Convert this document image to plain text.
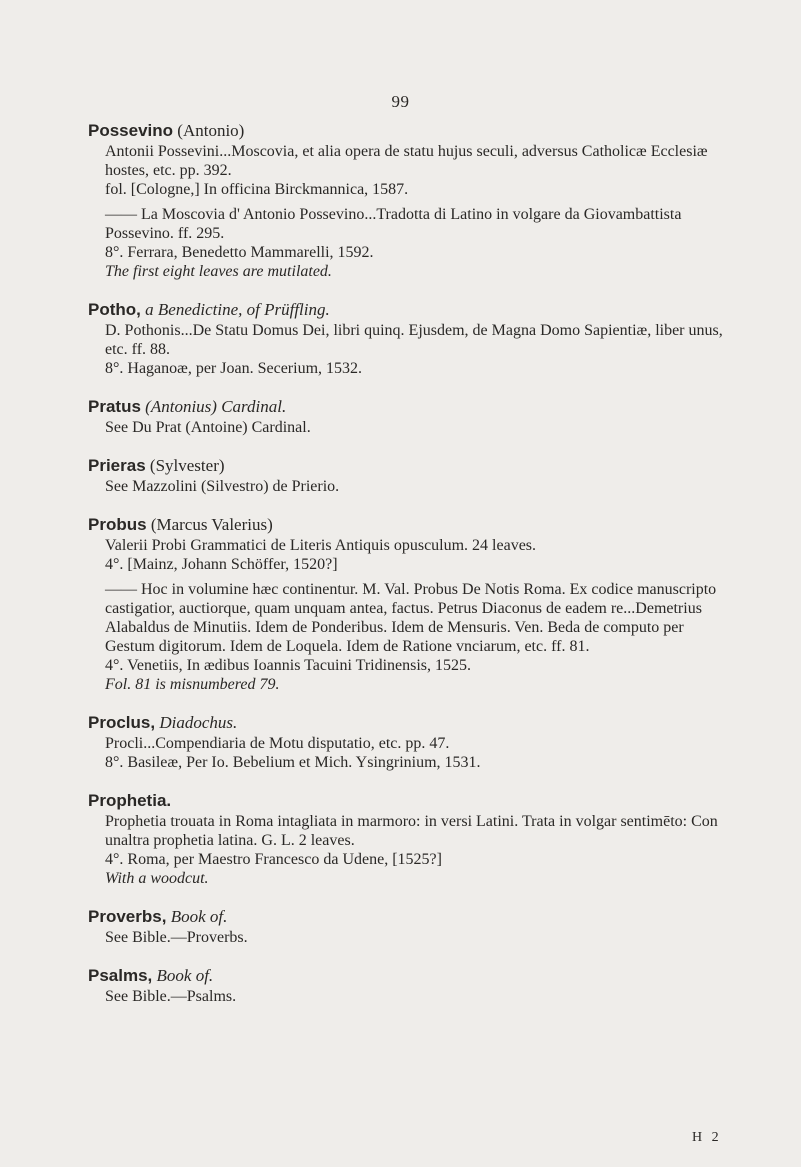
99
Possevino (Antonio)

Antonii Possevini...Moscovia, et alia opera de statu hujus seculi, adversus Catholicæ Ecclesiæ hostes, etc. pp. 392.

fol. [Cologne,] In officina Birckmannica, 1587.

—— La Moscovia d' Antonio Possevino...Tradotta di Latino in volgare da Giovambattista Possevino. ff. 295.

8°. Ferrara, Benedetto Mammarelli, 1592.

The first eight leaves are mutilated.

Potho, a Benedictine, of Prüffling.

D. Pothonis...De Statu Domus Dei, libri quinq. Ejusdem, de Magna Domo Sapientiæ, liber unus, etc. ff. 88.

8°. Haganoæ, per Joan. Secerium, 1532.

Pratus (Antonius) Cardinal.

See Du Prat (Antoine) Cardinal.

Prieras (Sylvester)

See Mazzolini (Silvestro) de Prierio.

Probus (Marcus Valerius)

Valerii Probi Grammatici de Literis Antiquis opusculum. 24 leaves.

4°. [Mainz, Johann Schöffer, 1520?]

—— Hoc in volumine hæc continentur. M. Val. Probus De Notis Roma. Ex codice manuscripto castigatior, auctiorque, quam unquam antea, factus. Petrus Diaconus de eadem re...Demetrius Alabaldus de Minutiis. Idem de Ponderibus. Idem de Mensuris. Ven. Beda de computo per Gestum digitorum. Idem de Loquela. Idem de Ratione vnciarum, etc. ff. 81.

4°. Venetiis, In ædibus Ioannis Tacuini Tridinensis, 1525.

Fol. 81 is misnumbered 79.

Proclus, Diadochus.

Procli...Compendiaria de Motu disputatio, etc. pp. 47.

8°. Basileæ, Per Io. Bebelium et Mich. Ysingrinium, 1531.

Prophetia.

Prophetia trouata in Roma intagliata in marmoro: in versi Latini. Trata in volgar sentimēto: Con unaltra prophetia latina. G. L. 2 leaves.

4°. Roma, per Maestro Francesco da Udene, [1525?]

With a woodcut.

Proverbs, Book of.

See Bible.—Proverbs.

Psalms, Book of.

See Bible.—Psalms.

H 2
